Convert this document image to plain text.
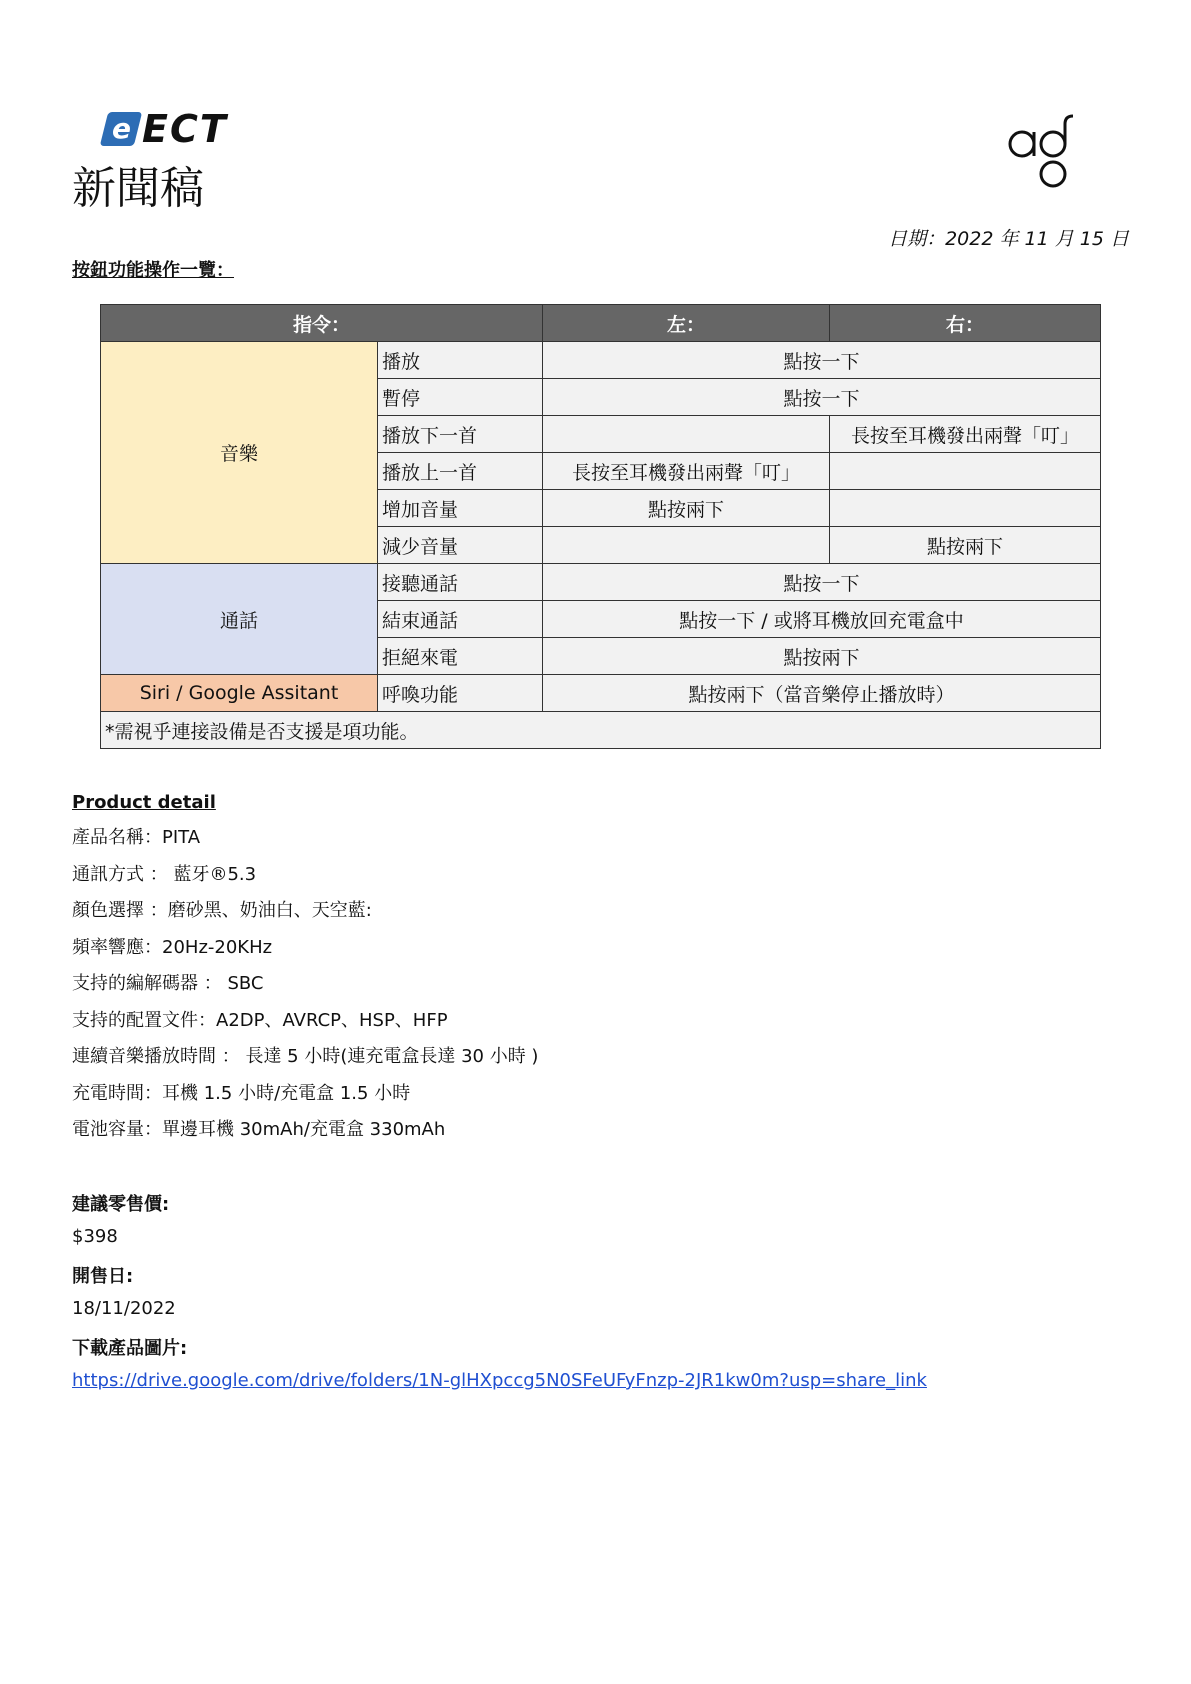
e ECT
新聞稿
日期：2022 年 11 月 15 日
按鈕功能操作一覽：
指令：		左：	右：
音樂	播放	點按一下	
	暫停	點按一下	
	播放下一首		長按至耳機發出兩聲「叮」
	播放上一首	長按至耳機發出兩聲「叮」	
	增加音量	點按兩下	
	減少音量		點按兩下
通話	接聽通話	點按一下	
	結束通話	點按一下 / 或將耳機放回充電盒中	
	拒絕來電	點按兩下	
Siri / Google Assitant	呼喚功能	點按兩下（當音樂停止播放時）	
*需視乎連接設備是否支援是項功能。			
Product detail
產品名稱：PITA
通訊方式 ： 藍牙®5.3
顏色選擇 ：磨砂黑、奶油白、天空藍:
頻率響應：20Hz-20KHz
支持的編解碼器 ： SBC
支持的配置文件：A2DP、AVRCP、HSP、HFP
連續音樂播放時間 ： 長達 5 小時(連充電盒長達 30 小時 )
充電時間：耳機 1.5 小時/充電盒 1.5 小時
電池容量：單邊耳機 30mAh/充電盒 330mAh
建議零售價:
$398
開售日:
18/11/2022
下載產品圖片:
https://drive.google.com/drive/folders/1N-glHXpccg5N0SFeUFyFnzp-2JR1kw0m?usp=share_link
